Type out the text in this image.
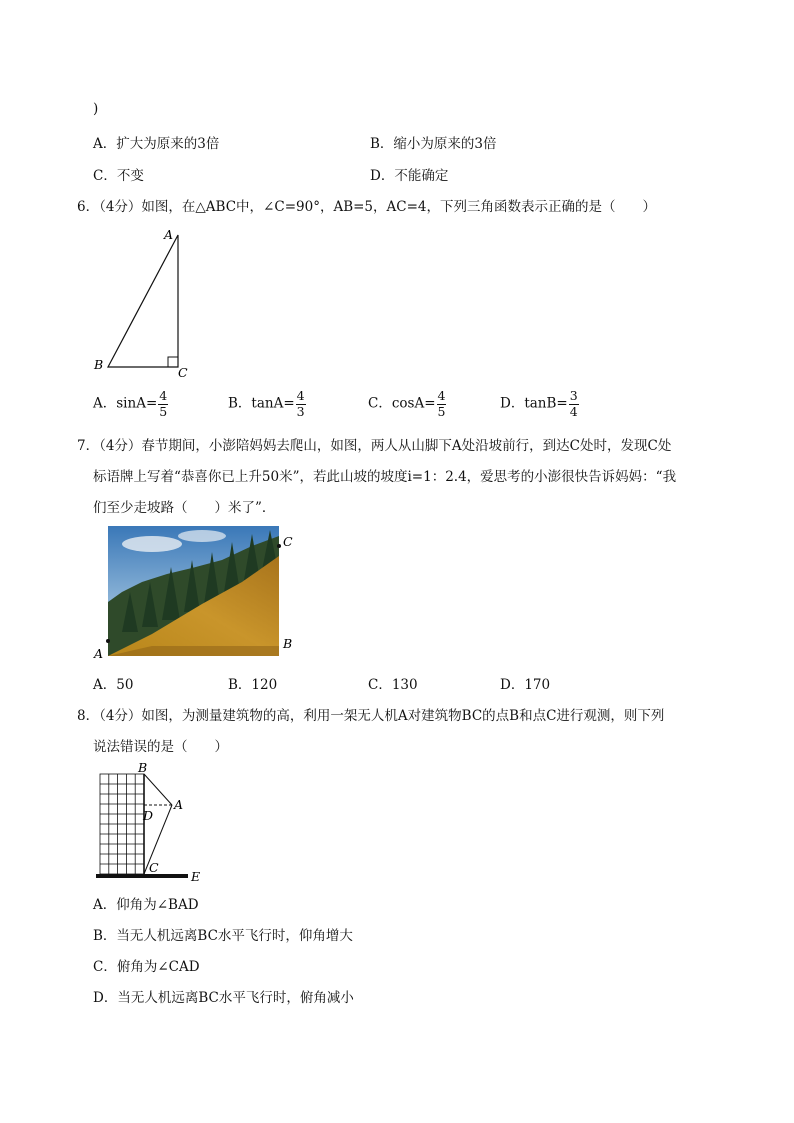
)
A．扩大为原来的3倍	B．缩小为原来的3倍
C．不变	D．不能确定
6．（4分）如图，在△ABC中，∠C=90°，AB=5，AC=4，下列三角函数表示正确的是（　　）
A
B
C
A．$\sin A= \frac{4}{5}$	B．$\tan A= \frac{4}{3}$	C．$\cos A= \frac{4}{5}$	D．$\tan B= \frac{3}{4}$
7．（4分）春节期间，小澎陪妈妈去爬山，如图，两人从山脚下A处沿坡前行，到达C处时，发现C处
标语牌上写着“恭喜你已上升50米”，若此山坡的坡度i=1：2.4，爱思考的小澎很快告诉妈妈：“我
们至少走坡路（　　）米了”．
A
B
C
A．50	B．120	C．130	D．170
8．（4分）如图，为测量建筑物的高，利用一架无人机A对建筑物BC的点B和点C进行观测，则下列
说法错误的是（　　）
B
A
D
C
E
A．仰角为∠BAD
B．当无人机远离BC水平飞行时，仰角增大
C．俯角为∠CAD
D．当无人机远离BC水平飞行时，俯角减小
